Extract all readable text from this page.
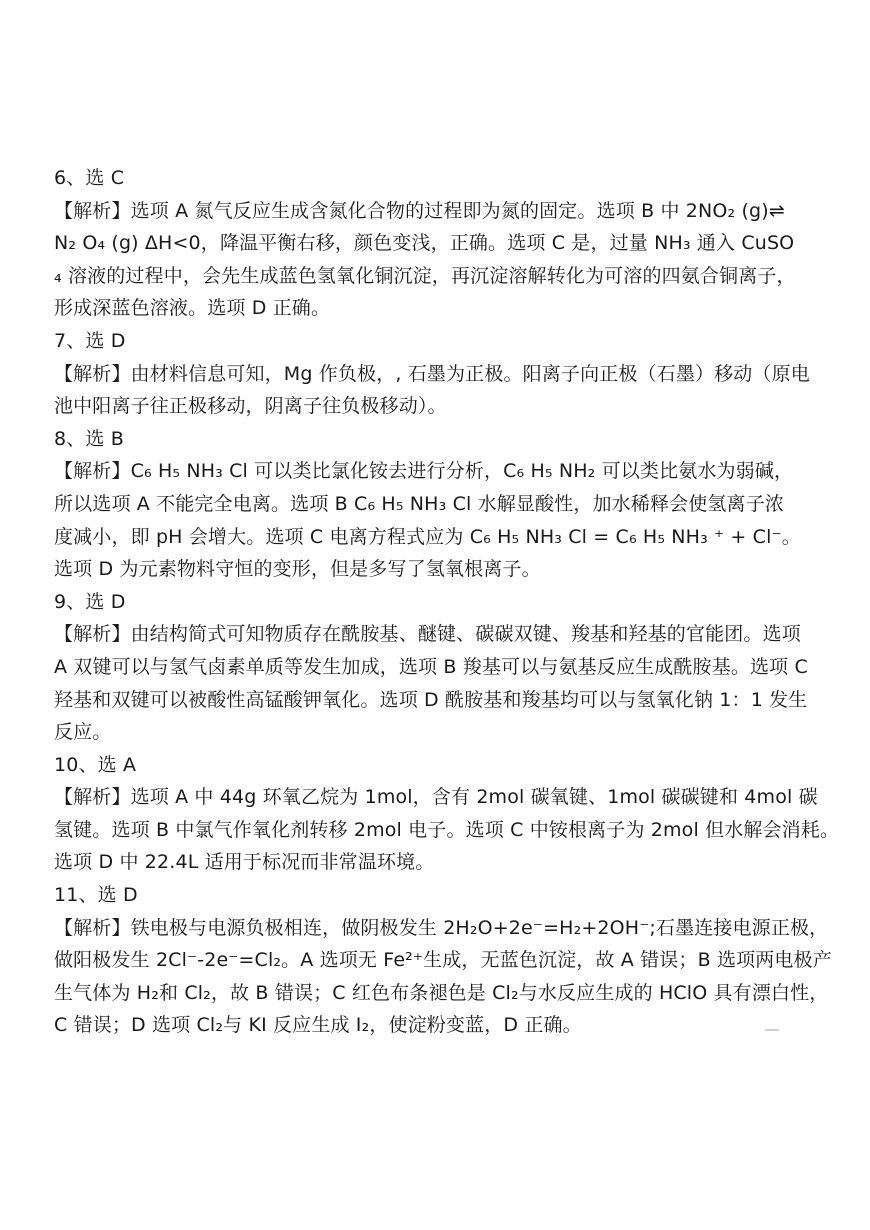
6、选 C
【解析】选项 A 氮气反应生成含氮化合物的过程即为氮的固定。选项 B 中 2NO₂ (g)⇌
N₂ O₄ (g) ΔH<0，降温平衡右移，颜色变浅，正确。选项 C 是，过量 NH₃ 通入 CuSO
₄ 溶液的过程中，会先生成蓝色氢氧化铜沉淀，再沉淀溶解转化为可溶的四氨合铜离子，
形成深蓝色溶液。选项 D 正确。
7、选 D
【解析】由材料信息可知，Mg 作负极，, 石墨为正极。阳离子向正极（石墨）移动（原电
池中阳离子往正极移动，阴离子往负极移动）。
8、选 B
【解析】C₆ H₅ NH₃ Cl 可以类比氯化铵去进行分析，C₆ H₅ NH₂ 可以类比氨水为弱碱，
所以选项 A 不能完全电离。选项 B C₆ H₅ NH₃ Cl 水解显酸性，加水稀释会使氢离子浓
度减小，即 pH 会增大。选项 C 电离方程式应为 C₆ H₅ NH₃ Cl = C₆ H₅ NH₃ ⁺ + Cl⁻。
选项 D 为元素物料守恒的变形，但是多写了氢氧根离子。
9、选 D
【解析】由结构简式可知物质存在酰胺基、醚键、碳碳双键、羧基和羟基的官能团。选项
A 双键可以与氢气卤素单质等发生加成，选项 B 羧基可以与氨基反应生成酰胺基。选项 C
羟基和双键可以被酸性高锰酸钾氧化。选项 D 酰胺基和羧基均可以与氢氧化钠 1：1 发生
反应。
10、选 A
【解析】选项 A 中 44g 环氧乙烷为 1mol，含有 2mol 碳氧键、1mol 碳碳键和 4mol 碳
氢键。选项 B 中氯气作氧化剂转移 2mol 电子。选项 C 中铵根离子为 2mol 但水解会消耗。
选项 D 中 22.4L 适用于标况而非常温环境。
11、选 D
【解析】铁电极与电源负极相连，做阴极发生 2H₂O+2e⁻=H₂+2OH⁻;石墨连接电源正极，
做阳极发生 2Cl⁻-2e⁻=Cl₂。A 选项无 Fe²⁺生成，无蓝色沉淀，故 A 错误；B 选项两电极产
生气体为 H₂和 Cl₂，故 B 错误；C 红色布条褪色是 Cl₂与水反应生成的 HClO 具有漂白性，
C 错误；D 选项 Cl₂与 KI 反应生成 I₂，使淀粉变蓝，D 正确。
